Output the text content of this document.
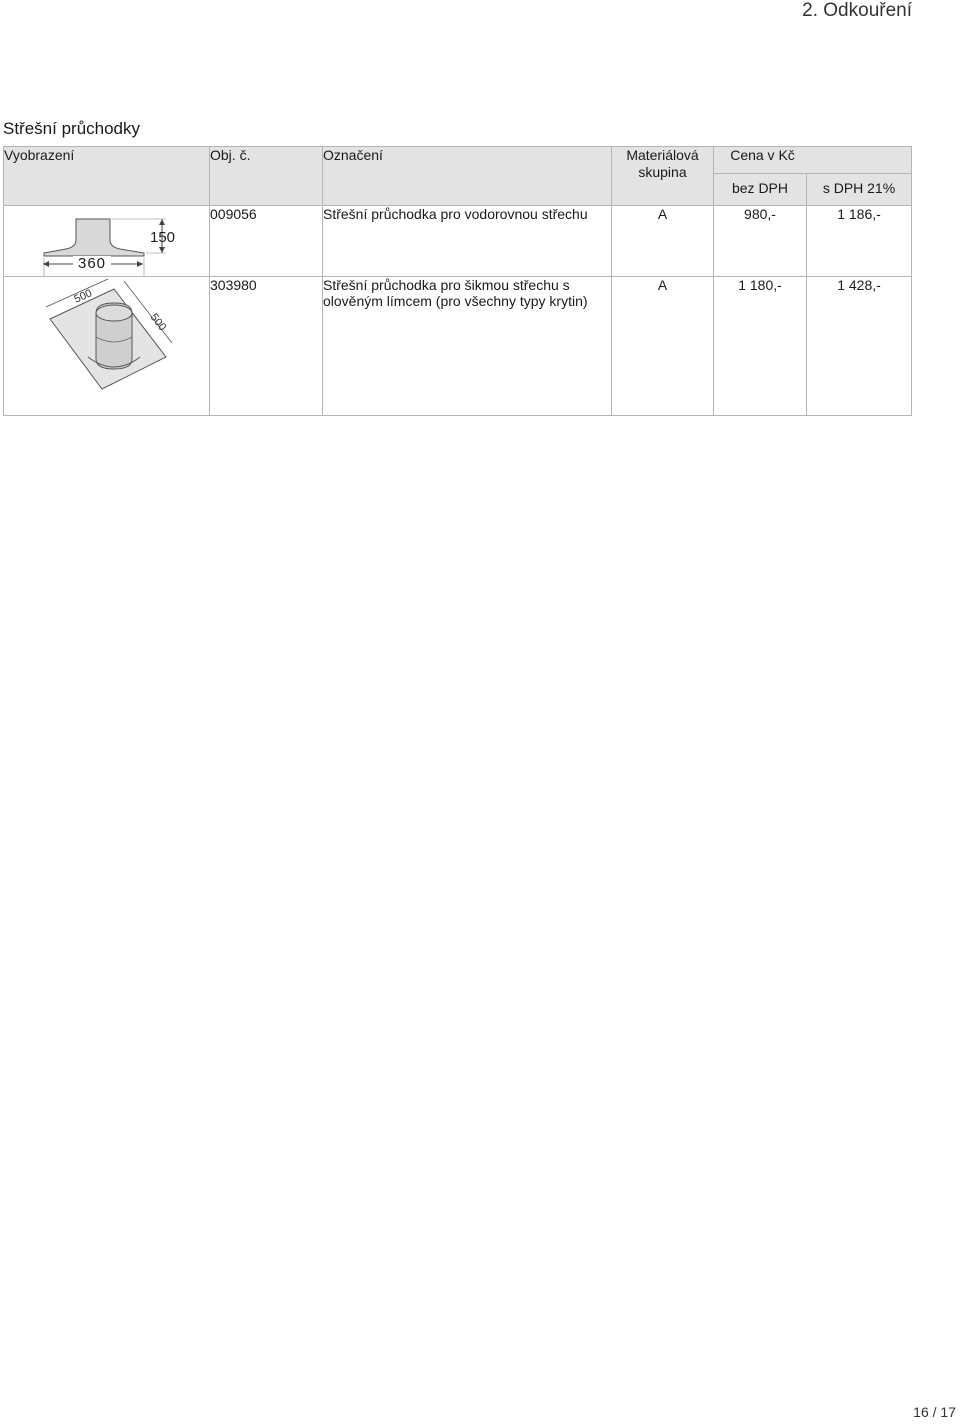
2. Odkouření
Střešní průchodky
Vyobrazení	Obj. č.	Označení	Materiálová skupina	Cena v Kč	
				bez DPH	s DPH 21%

150	009056	Střešní průchodka pro vodorovnou střechu	A	980,-	1 186,-

500
500	303980	Střešní průchodka pro šikmou střechu s olověným límcem (pro všechny typy krytin)	A	1 180,-	1 428,-
360
16 / 17
